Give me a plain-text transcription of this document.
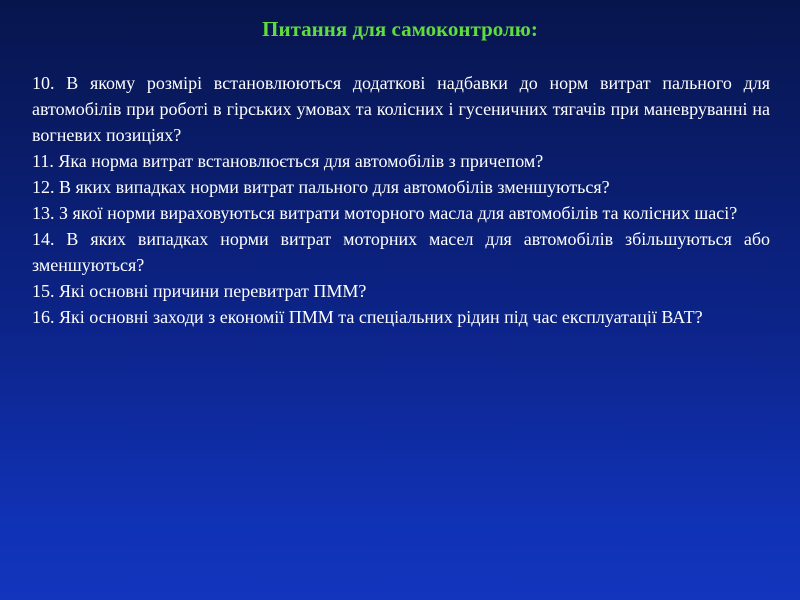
Питання для самоконтролю:
10. В якому розмірі встановлюються додаткові надбавки до норм витрат пального для автомобілів при роботі в гірських умовах та колісних і гусеничних тягачів при маневруванні на вогневих позиціях?
11. Яка норма витрат встановлюється для автомобілів з причепом?
12. В яких випадках норми витрат пального для автомобілів зменшуються?
13. З якої норми вираховуються витрати моторного масла для автомобілів та колісних шасі?
14. В яких випадках норми витрат моторних масел для автомобілів збільшуються або зменшуються?
15. Які основні причини перевитрат ПММ?
16. Які основні заходи з економії ПММ та спеціальних рідин під час експлуатації ВАТ?
